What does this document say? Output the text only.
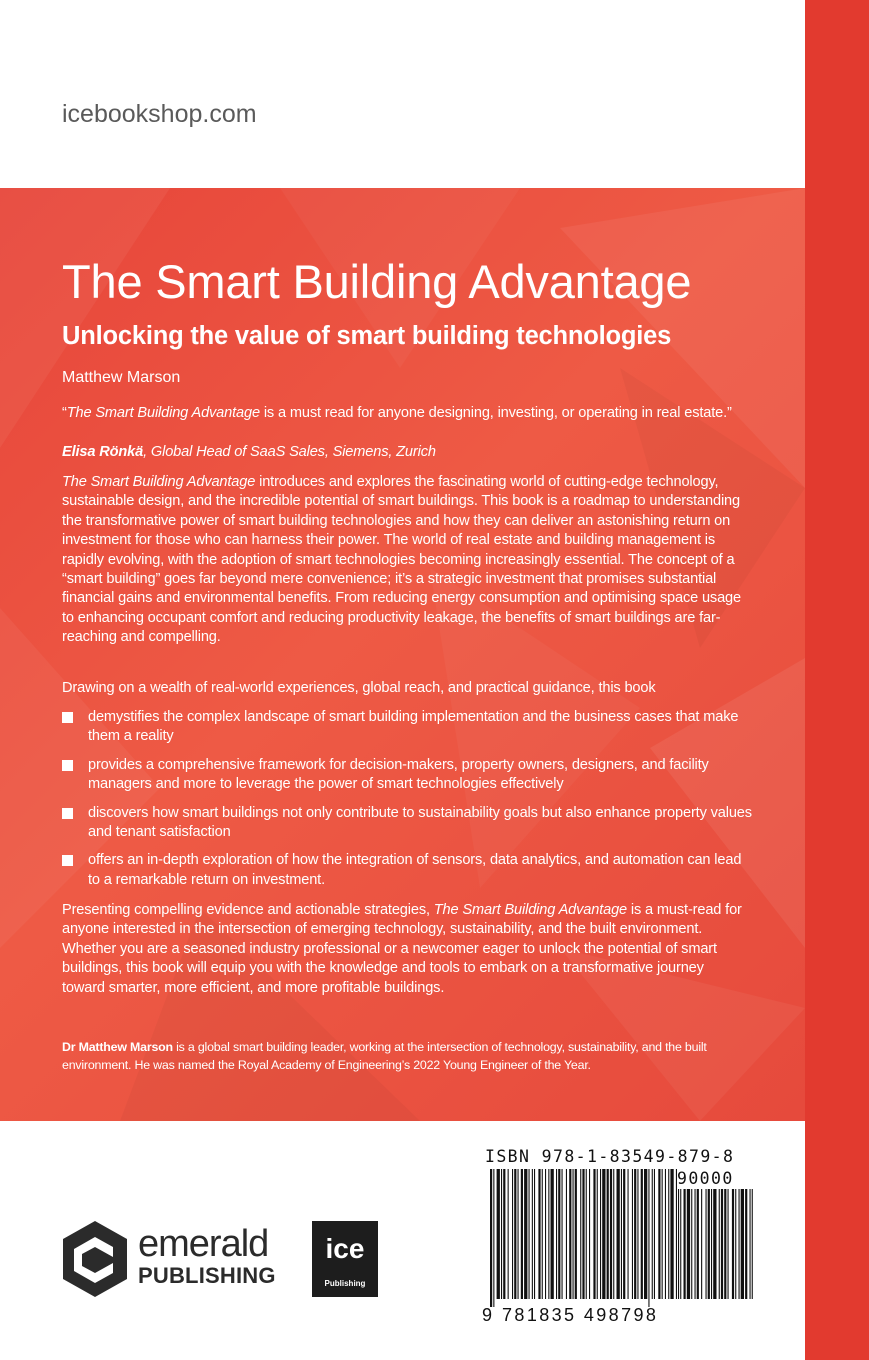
icebookshop.com
The Smart Building Advantage
Unlocking the value of smart building technologies
Matthew Marson
“The Smart Building Advantage is a must read for anyone designing, investing, or operating in real estate.”
Elisa Rönkä, Global Head of SaaS Sales, Siemens, Zurich
The Smart Building Advantage introduces and explores the fascinating world of cutting-edge technology, sustainable design, and the incredible potential of smart buildings. This book is a roadmap to understanding the transformative power of smart building technologies and how they can deliver an astonishing return on investment for those who can harness their power. The world of real estate and building management is rapidly evolving, with the adoption of smart technologies becoming increasingly essential. The concept of a “smart building” goes far beyond mere convenience; it’s a strategic investment that promises substantial financial gains and environmental benefits. From reducing energy consumption and optimising space usage to enhancing occupant comfort and reducing productivity leakage, the benefits of smart buildings are far-reaching and compelling.
Drawing on a wealth of real-world experiences, global reach, and practical guidance, this book
demystifies the complex landscape of smart building implementation and the business cases that make them a reality
provides a comprehensive framework for decision-makers, property owners, designers, and facility managers and more to leverage the power of smart technologies effectively
discovers how smart buildings not only contribute to sustainability goals but also enhance property values and tenant satisfaction
offers an in-depth exploration of how the integration of sensors, data analytics, and automation can lead to a remarkable return on investment.
Presenting compelling evidence and actionable strategies, The Smart Building Advantage is a must-read for anyone interested in the intersection of emerging technology, sustainability, and the built environment. Whether you are a seasoned industry professional or a newcomer eager to unlock the potential of smart buildings, this book will equip you with the knowledge and tools to embark on a transformative journey toward smarter, more efficient, and more profitable buildings.
Dr Matthew Marson is a global smart building leader, working at the intersection of technology, sustainability, and the built environment. He was named the Royal Academy of Engineering’s 2022 Young Engineer of the Year.
emerald
PUBLISHING
ice
Publishing
ISBN 978-1-83549-879-8
90000
9 781835 498798
